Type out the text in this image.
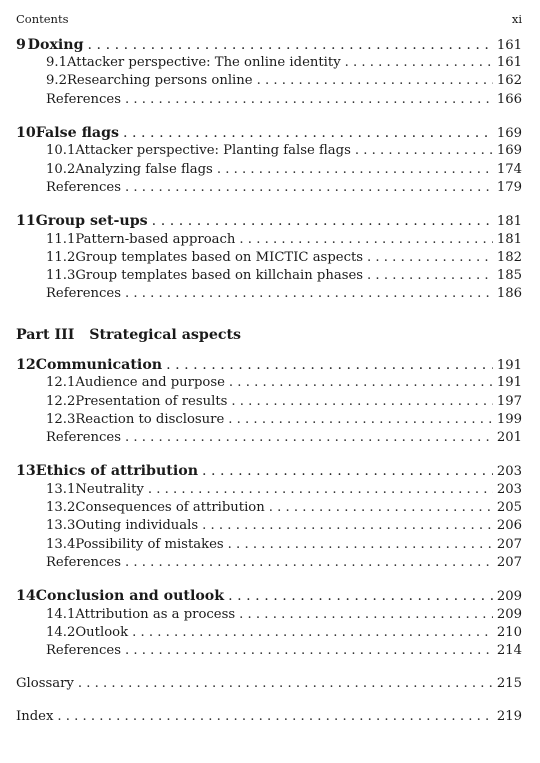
Contents	xi
Part III Strategical aspects
9 Doxing . . .	161
9.1 Attacker perspective: The online identity . . .	161
9.2 Researching persons online . . .	162
References . . .	166
10 False flags . . .	169
10.1 Attacker perspective: Planting false flags . . .	169
10.2 Analyzing false flags . . .	174
References . . .	179
11 Group set-ups . . .	181
11.1 Pattern-based approach . . .	181
11.2 Group templates based on MICTIC aspects . . .	182
11.3 Group templates based on killchain phases . . .	185
References . . .	186
12 Communication . . .	191
12.1 Audience and purpose . . .	191
12.2 Presentation of results . . .	197
12.3 Reaction to disclosure . . .	199
References . . .	201
13 Ethics of attribution . . .	203
13.1 Neutrality . . .	203
13.2 Consequences of attribution . . .	205
13.3 Outing individuals . . .	206
13.4 Possibility of mistakes . . .	207
References . . .	207
14 Conclusion and outlook . . .	209
14.1 Attribution as a process . . .	209
14.2 Outlook . . .	210
References . . .	214
Glossary . . .	215
Index . . .	219
